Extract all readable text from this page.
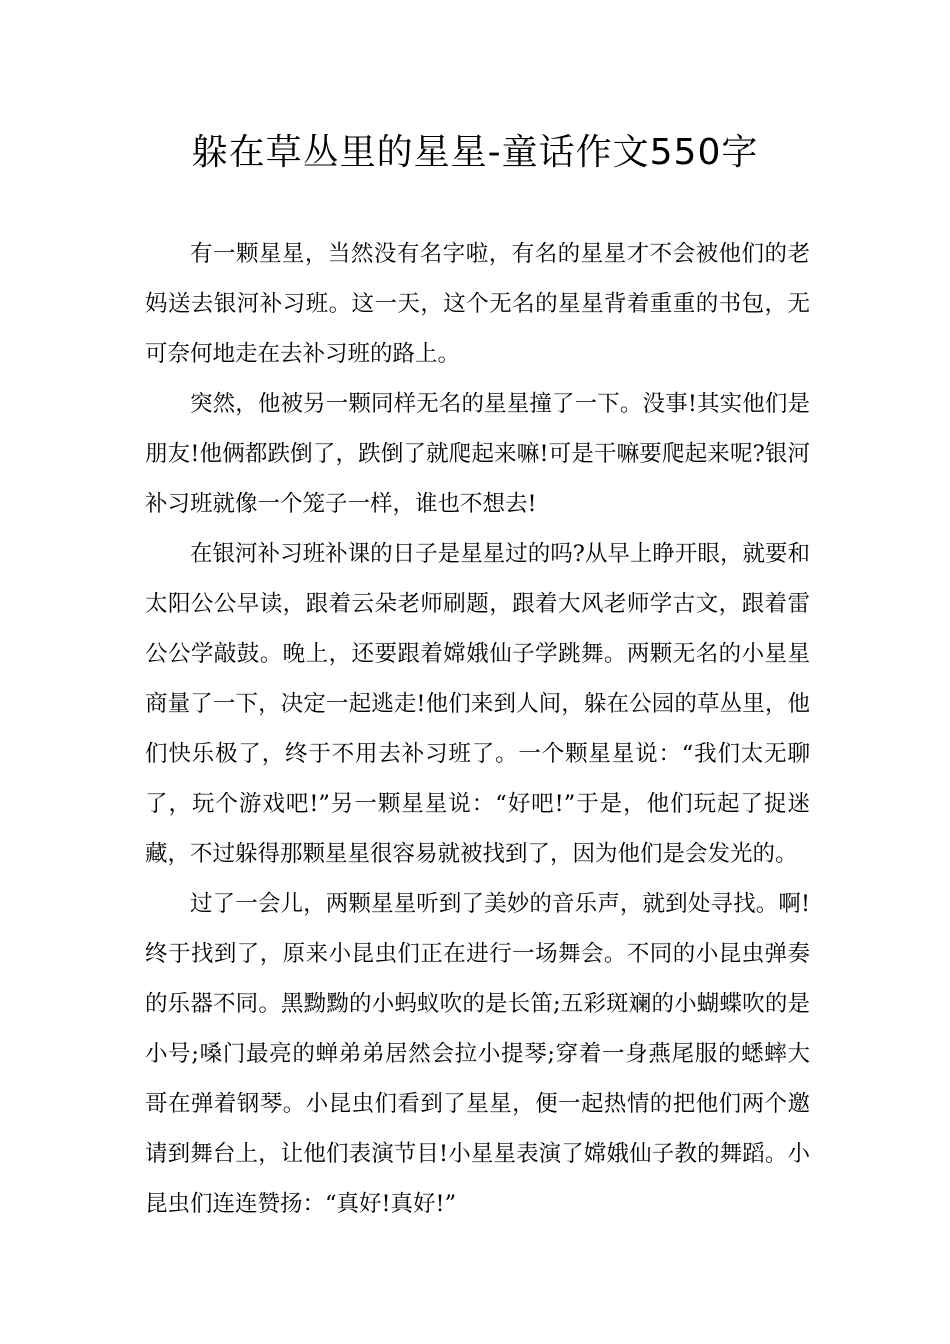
躲在草丛里的星星-童话作文550字

有一颗星星，当然没有名字啦，有名的星星才不会被他们的老妈送去银河补习班。这一天，这个无名的星星背着重重的书包，无可奈何地走在去补习班的路上。

突然，他被另一颗同样无名的星星撞了一下。没事!其实他们是朋友!他俩都跌倒了，跌倒了就爬起来嘛!可是干嘛要爬起来呢?银河补习班就像一个笼子一样，谁也不想去!

在银河补习班补课的日子是星星过的吗?从早上睁开眼，就要和太阳公公早读，跟着云朵老师刷题，跟着大风老师学古文，跟着雷公公学敲鼓。晚上，还要跟着嫦娥仙子学跳舞。两颗无名的小星星商量了一下，决定一起逃走!他们来到人间，躲在公园的草丛里，他们快乐极了，终于不用去补习班了。一个颗星星说：“我们太无聊了，玩个游戏吧!”另一颗星星说：“好吧!”于是，他们玩起了捉迷藏，不过躲得那颗星星很容易就被找到了，因为他们是会发光的。

过了一会儿，两颗星星听到了美妙的音乐声，就到处寻找。啊!终于找到了，原来小昆虫们正在进行一场舞会。不同的小昆虫弹奏的乐器不同。黑黝黝的小蚂蚁吹的是长笛;五彩斑斓的小蝴蝶吹的是小号;嗓门最亮的蝉弟弟居然会拉小提琴;穿着一身燕尾服的蟋蟀大哥在弹着钢琴。小昆虫们看到了星星，便一起热情的把他们两个邀请到舞台上，让他们表演节目!小星星表演了嫦娥仙子教的舞蹈。小昆虫们连连赞扬：“真好!真好!”
